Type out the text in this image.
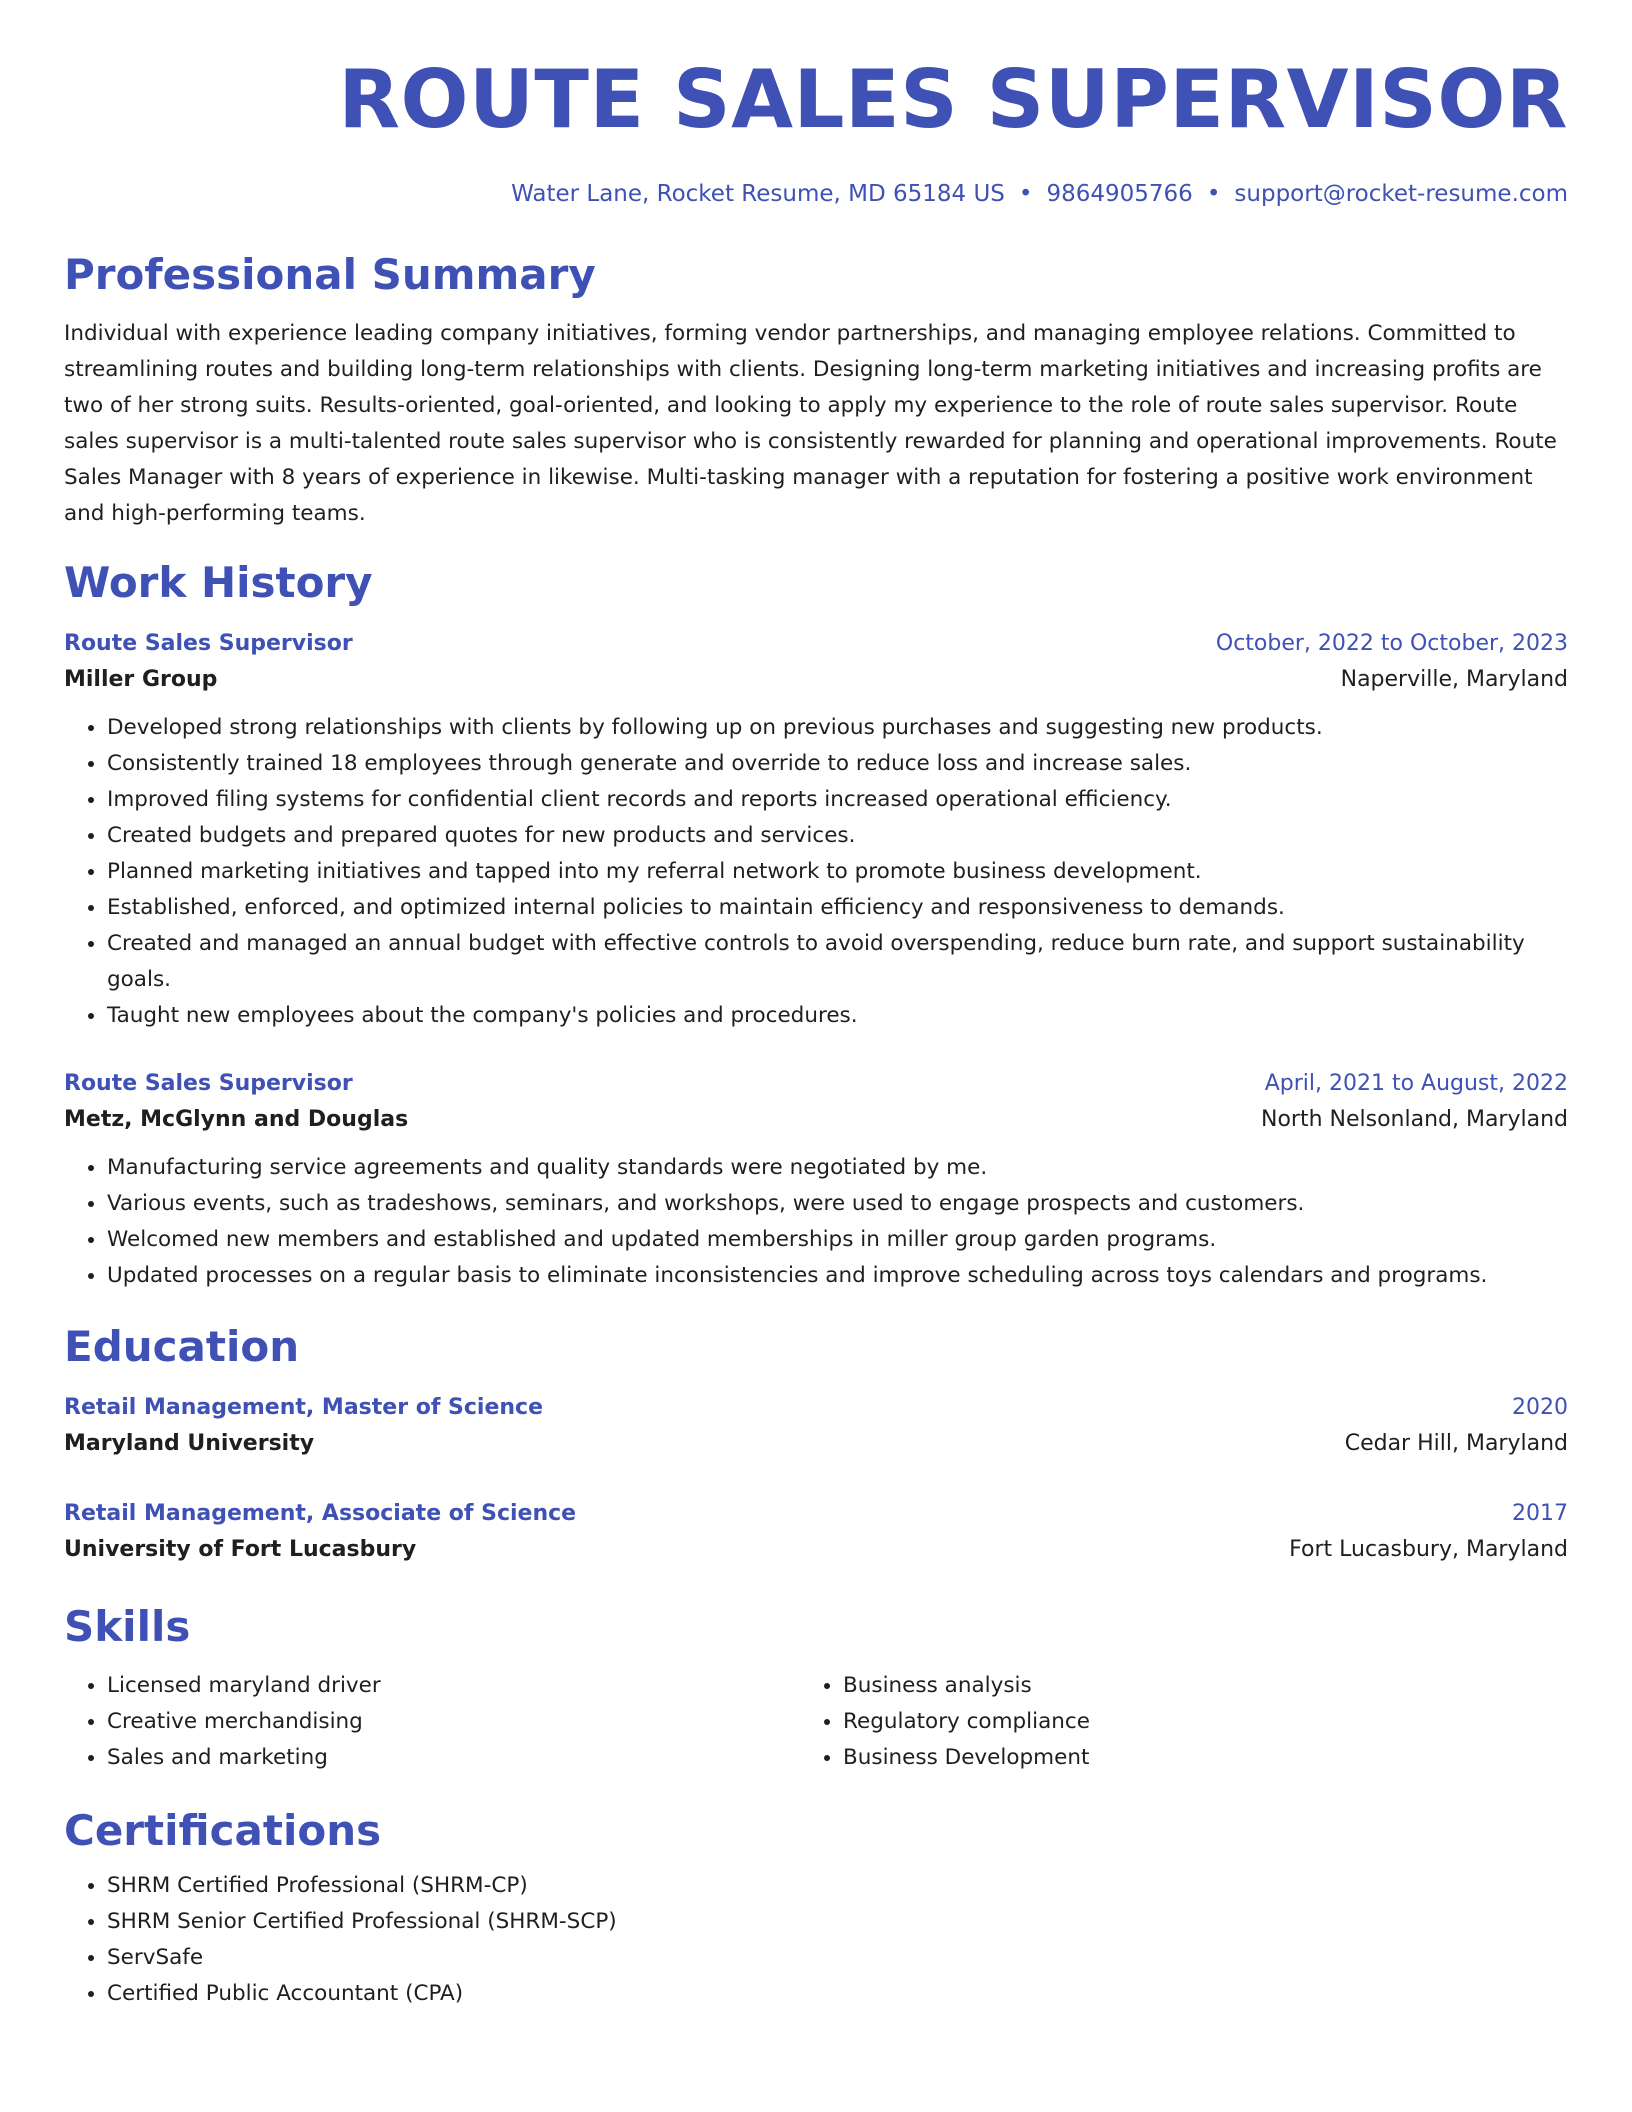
ROUTE SALES SUPERVISOR
Water Lane, Rocket Resume, MD 65184 US • 9864905766 • support@rocket-resume.com
Professional Summary
Individual with experience leading company initiatives, forming vendor partnerships, and managing employee relations. Committed to streamlining routes and building long-term relationships with clients. Designing long-term marketing initiatives and increasing profits are two of her strong suits. Results-oriented, goal-oriented, and looking to apply my experience to the role of route sales supervisor. Route sales supervisor is a multi-talented route sales supervisor who is consistently rewarded for planning and operational improvements. Route Sales Manager with 8 years of experience in likewise. Multi-tasking manager with a reputation for fostering a positive work environment and high-performing teams.
Work History
Route Sales Supervisor	October, 2022 to October, 2023
Miller Group	Naperville, Maryland
• Developed strong relationships with clients by following up on previous purchases and suggesting new products.
• Consistently trained 18 employees through generate and override to reduce loss and increase sales.
• Improved filing systems for confidential client records and reports increased operational efficiency.
• Created budgets and prepared quotes for new products and services.
• Planned marketing initiatives and tapped into my referral network to promote business development.
• Established, enforced, and optimized internal policies to maintain efficiency and responsiveness to demands.
• Created and managed an annual budget with effective controls to avoid overspending, reduce burn rate, and support sustainability goals.
• Taught new employees about the company's policies and procedures.
Route Sales Supervisor	April, 2021 to August, 2022
Metz, McGlynn and Douglas	North Nelsonland, Maryland
• Manufacturing service agreements and quality standards were negotiated by me.
• Various events, such as tradeshows, seminars, and workshops, were used to engage prospects and customers.
• Welcomed new members and established and updated memberships in miller group garden programs.
• Updated processes on a regular basis to eliminate inconsistencies and improve scheduling across toys calendars and programs.
Education
Retail Management, Master of Science	2020
Maryland University	Cedar Hill, Maryland
Retail Management, Associate of Science	2017
University of Fort Lucasbury	Fort Lucasbury, Maryland
Skills
• Licensed maryland driver
• Creative merchandising
• Sales and marketing
• Business analysis
• Regulatory compliance
• Business Development
Certifications
• SHRM Certified Professional (SHRM-CP)
• SHRM Senior Certified Professional (SHRM-SCP)
• ServSafe
• Certified Public Accountant (CPA)
